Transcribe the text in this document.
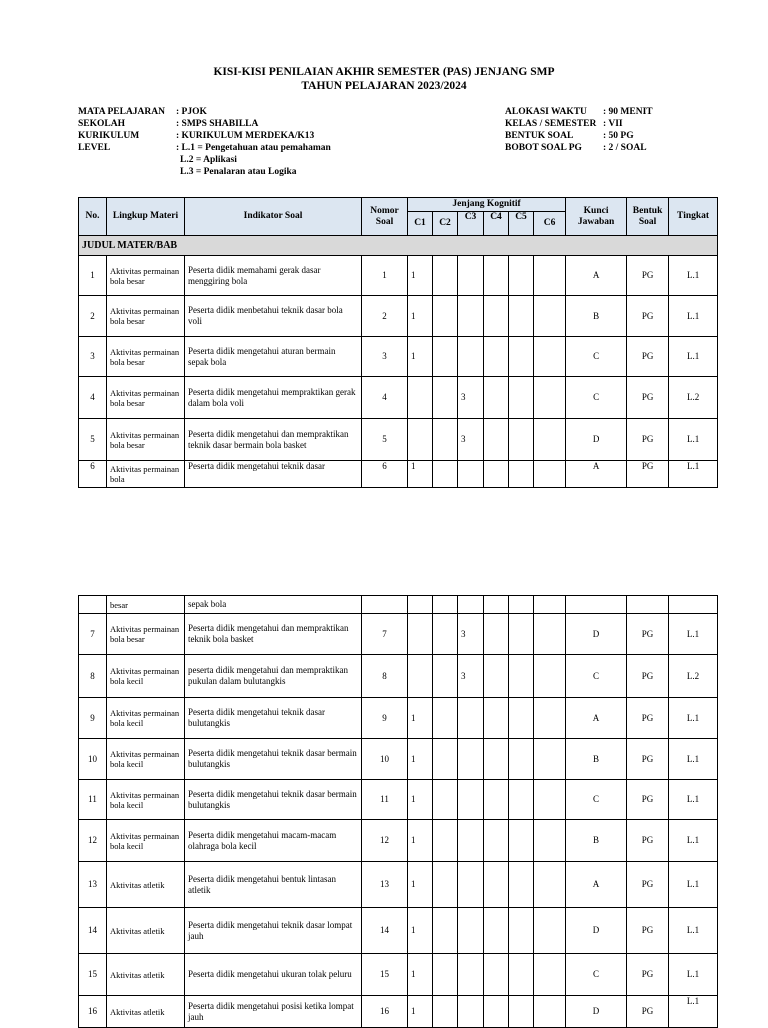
KISI-KISI PENILAIAN AKHIR SEMESTER (PAS) JENJANG SMP
TAHUN PELAJARAN 2023/2024
MATA PELAJARAN : PJOK
SEKOLAH	: SMPS SHABILLA
KURIKULUM	: KURIKULUM MERDEKA/K13
LEVEL	: L.1 = Pengetahuan atau pemahaman
L.2 = Aplikasi
L.3 = Penalaran atau Logika
ALOKASI WAKTU : 90 MENIT
KELAS / SEMESTER : VII
BENTUK SOAL	: 50 PG
BOBOT SOAL PG : 2 / SOAL
No.	Lingkup Materi	Indikator Soal	Nomor Soal	Jenjang Kognitif						Kunci Jawaban	Bentuk Soal	Tingkat
				C1	C2	C3	C4	C5	C6			
JUDUL MATER/BAB												
1	Aktivitas permainan bola besar	Peserta didik memahami gerak dasar menggiring bola	1	1						A	PG	L.1
2	Aktivitas permainan bola besar	Peserta didik menbetahui teknik dasar bola voli	2	1						B	PG	L.1
3	Aktivitas permainan bola besar	Peserta didik mengetahui aturan bermain sepak bola	3	1						C	PG	L.1
4	Aktivitas permainan bola besar	Peserta didik mengetahui mempraktikan gerak dalam bola voli	4			3				C	PG	L.2
5	Aktivitas permainan bola besar	Peserta didik mengetahui dan mempraktikan teknik dasar bermain bola basket	5			3				D	PG	L.1
6	Aktivitas permainan bola	Peserta didik mengetahui teknik dasar	6	1						A	PG	L.1
	besar	sepak bola										
7	Aktivitas permainan bola besar	Peserta didik mengetahui dan mempraktikan teknik bola basket	7			3				D	PG	L.1
8	Aktivitas permainan bola kecil	peserta didik mengetahui dan mempraktikan pukulan dalam bulutangkis	8			3				C	PG	L.2
9	Aktivitas permainan bola kecil	Peserta didik mengetahui teknik dasar bulutangkis	9	1						A	PG	L.1
10	Aktivitas permainan bola kecil	Peserta didik mengetahui teknik dasar bermain bulutangkis	10	1						B	PG	L.1
11	Aktivitas permainan bola kecil	Peserta didik mengetahui teknik dasar bermain bulutangkis	11	1						C	PG	L.1
12	Aktivitas permainan bola kecil	Peserta didik mengetahui macam-macam olahraga bola kecil	12	1						B	PG	L.1
13	Aktivitas atletik	Peserta didik mengetahui bentuk lintasan atletik	13	1						A	PG	L.1
14	Aktivitas atletik	Peserta didik mengetahui teknik dasar lompat jauh	14	1						D	PG	L.1
15	Aktivitas atletik	Peserta didik mengetahui ukuran tolak peluru	15	1						C	PG	L.1
16	Aktivitas atletik	Peserta didik mengetahui posisi ketika lompat jauh	16	1						D	PG	L.1
